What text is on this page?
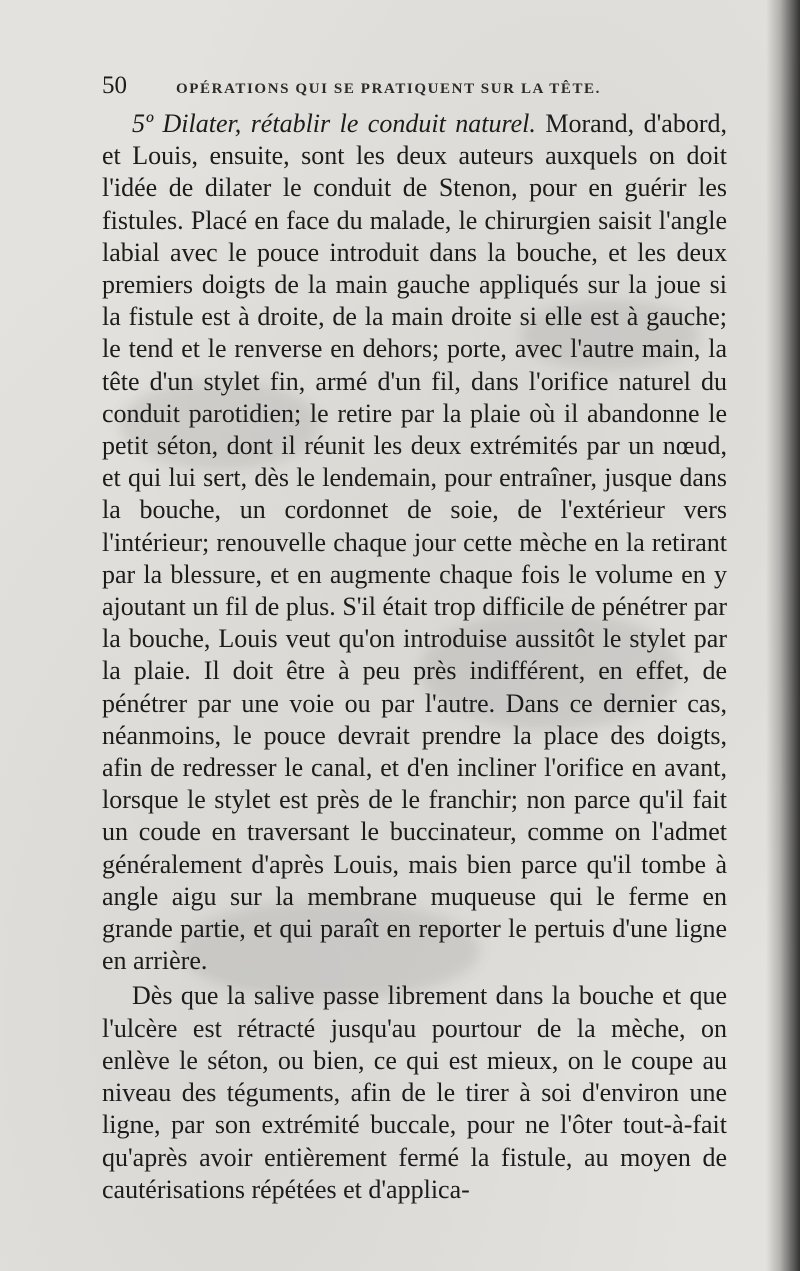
50	OPÉRATIONS QUI SE PRATIQUENT SUR LA TÊTE.

5º Dilater, rétablir le conduit naturel. Morand, d'abord, et Louis, ensuite, sont les deux auteurs auxquels on doit l'idée de dilater le conduit de Stenon, pour en guérir les fistules. Placé en face du malade, le chirurgien saisit l'angle labial avec le pouce introduit dans la bouche, et les deux premiers doigts de la main gauche appliqués sur la joue si la fistule est à droite, de la main droite si elle est à gauche; le tend et le renverse en dehors; porte, avec l'autre main, la tête d'un stylet fin, armé d'un fil, dans l'orifice naturel du conduit parotidien; le retire par la plaie où il abandonne le petit séton, dont il réunit les deux extrémités par un nœud, et qui lui sert, dès le lendemain, pour entraîner, jusque dans la bouche, un cordonnet de soie, de l'extérieur vers l'intérieur; renouvelle chaque jour cette mèche en la retirant par la blessure, et en augmente chaque fois le volume en y ajoutant un fil de plus. S'il était trop difficile de pénétrer par la bouche, Louis veut qu'on introduise aussitôt le stylet par la plaie. Il doit être à peu près indifférent, en effet, de pénétrer par une voie ou par l'autre. Dans ce dernier cas, néanmoins, le pouce devrait prendre la place des doigts, afin de redresser le canal, et d'en incliner l'orifice en avant, lorsque le stylet est près de le franchir; non parce qu'il fait un coude en traversant le buccinateur, comme on l'admet généralement d'après Louis, mais bien parce qu'il tombe à angle aigu sur la membrane muqueuse qui le ferme en grande partie, et qui paraît en reporter le pertuis d'une ligne en arrière.

Dès que la salive passe librement dans la bouche et que l'ulcère est rétracté jusqu'au pourtour de la mèche, on enlève le séton, ou bien, ce qui est mieux, on le coupe au niveau des téguments, afin de le tirer à soi d'environ une ligne, par son extrémité buccale, pour ne l'ôter tout-à-fait qu'après avoir entièrement fermé la fistule, au moyen de cautérisations répétées et d'applica-
